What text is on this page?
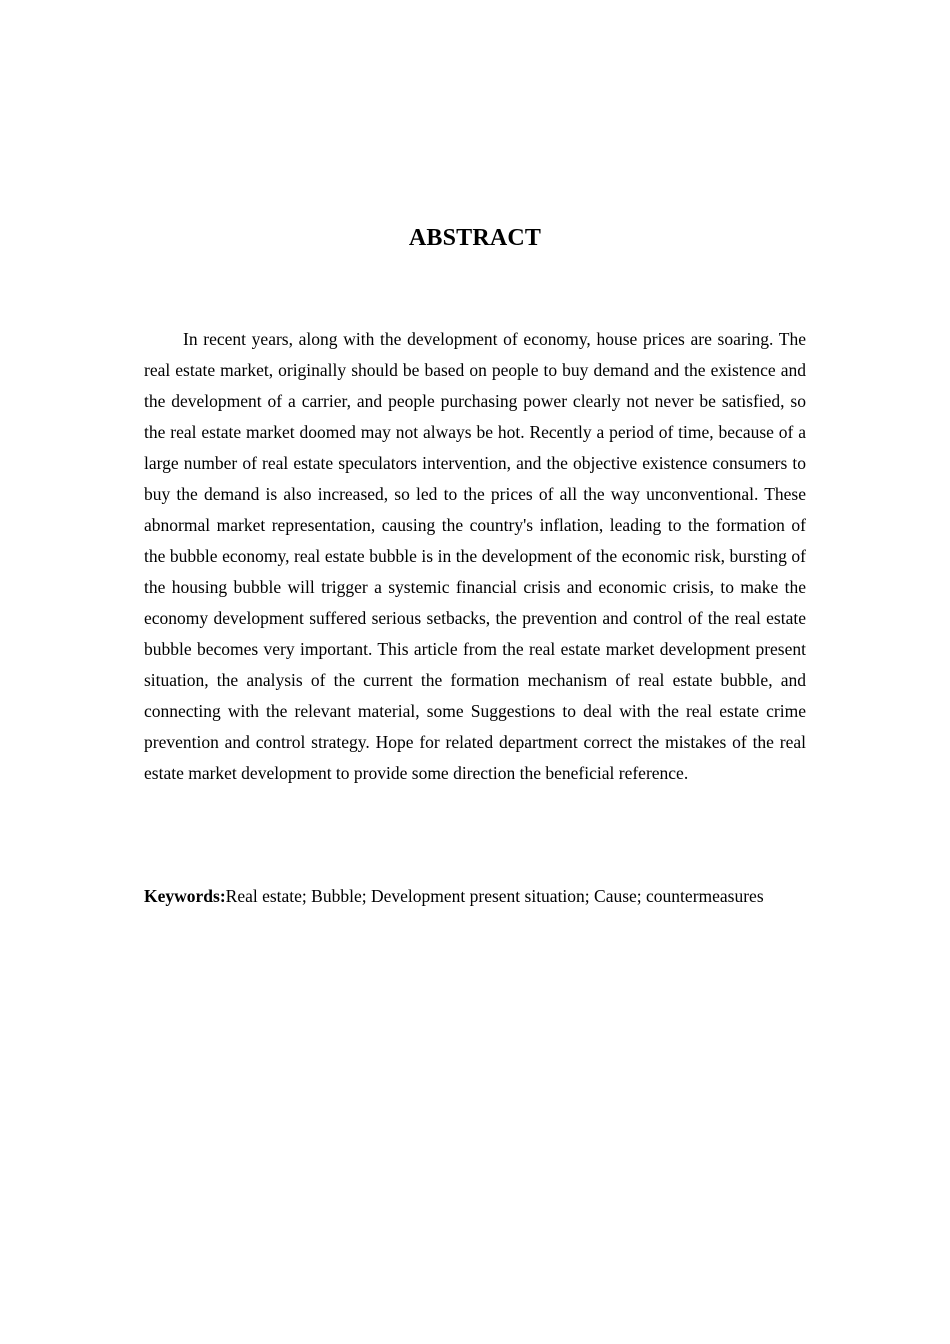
ABSTRACT

In recent years, along with the development of economy, house prices are soaring. The real estate market, originally should be based on people to buy demand and the existence and the development of a carrier, and people purchasing power clearly not never be satisfied, so the real estate market doomed may not always be hot. Recently a period of time, because of a large number of real estate speculators intervention, and the objective existence consumers to buy the demand is also increased, so led to the prices of all the way unconventional. These abnormal market representation, causing the country's inflation, leading to the formation of the bubble economy, real estate bubble is in the development of the economic risk, bursting of the housing bubble will trigger a systemic financial crisis and economic crisis, to make the economy development suffered serious setbacks, the prevention and control of the real estate bubble becomes very important. This article from the real estate market development present situation, the analysis of the current the formation mechanism of real estate bubble, and connecting with the relevant material, some Suggestions to deal with the real estate crime prevention and control strategy. Hope for related department correct the mistakes of the real estate market development to provide some direction the beneficial reference.

Keywords:Real estate; Bubble; Development present situation; Cause; countermeasures
